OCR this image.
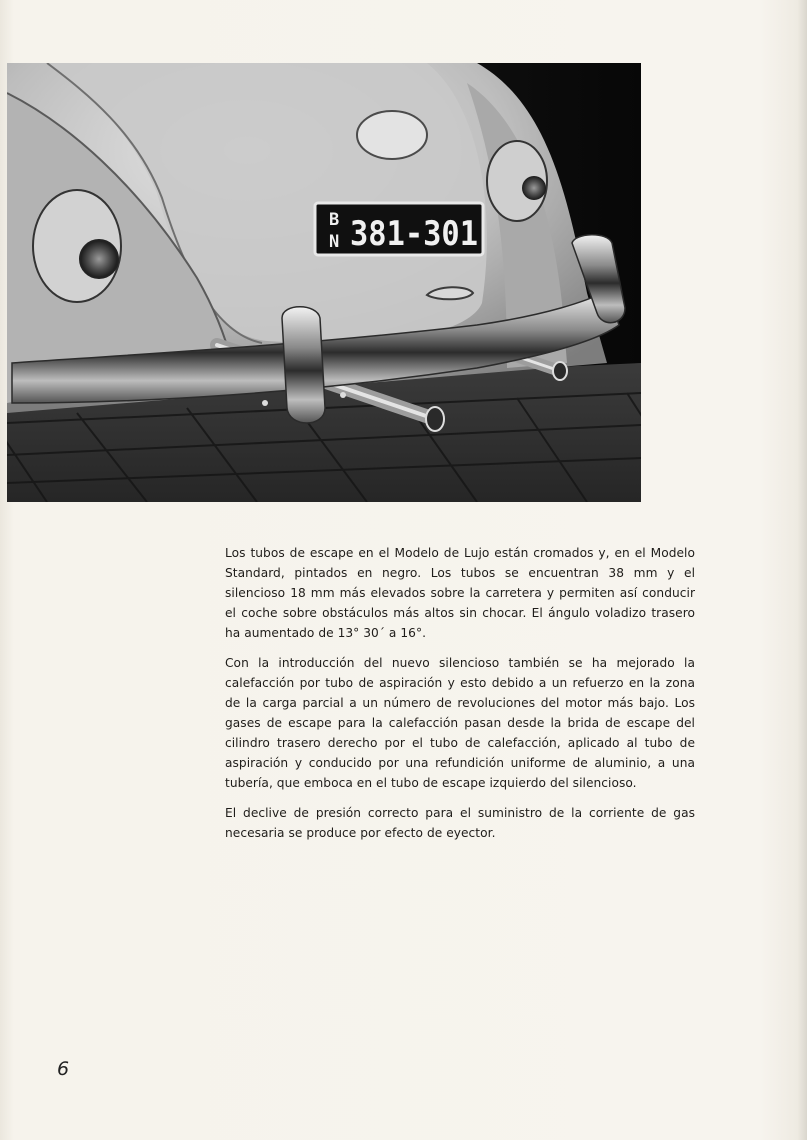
B
N 381-301

Los tubos de escape en el Modelo de Lujo están cromados y, en el Modelo Standard, pintados en negro. Los tubos se encuentran 38 mm y el silencioso 18 mm más elevados sobre la carretera y permiten así conducir el coche sobre obstáculos más altos sin chocar. El ángulo voladizo trasero ha aumentado de 13° 30´ a 16°.

Con la introducción del nuevo silencioso también se ha mejorado la calefacción por tubo de aspiración y esto debido a un refuerzo en la zona de la carga parcial a un número de revoluciones del motor más bajo. Los gases de escape para la calefacción pasan desde la brida de escape del cilindro trasero derecho por el tubo de calefacción, aplicado al tubo de aspiración y conducido por una refundición uniforme de aluminio, a una tubería, que emboca en el tubo de escape izquierdo del silencioso.

El declive de presión correcto para el suministro de la corriente de gas necesaria se produce por efecto de eyector.

6
